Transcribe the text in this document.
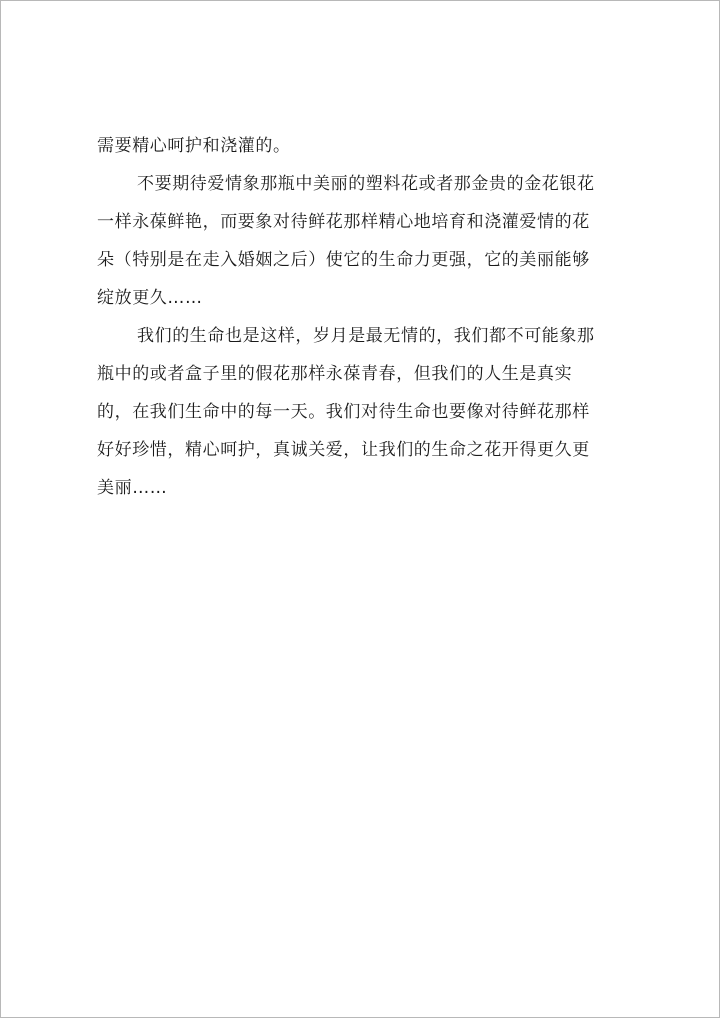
需要精心呵护和浇灌的。

不要期待爱情象那瓶中美丽的塑料花或者那金贵的金花银花
一样永葆鲜艳，而要象对待鲜花那样精心地培育和浇灌爱情的花
朵（特别是在走入婚姻之后）使它的生命力更强，它的美丽能够
绽放更久……

我们的生命也是这样，岁月是最无情的，我们都不可能象那
瓶中的或者盒子里的假花那样永葆青春，但我们的人生是真实
的，在我们生命中的每一天。我们对待生命也要像对待鲜花那样
好好珍惜，精心呵护，真诚关爱，让我们的生命之花开得更久更
美丽……
